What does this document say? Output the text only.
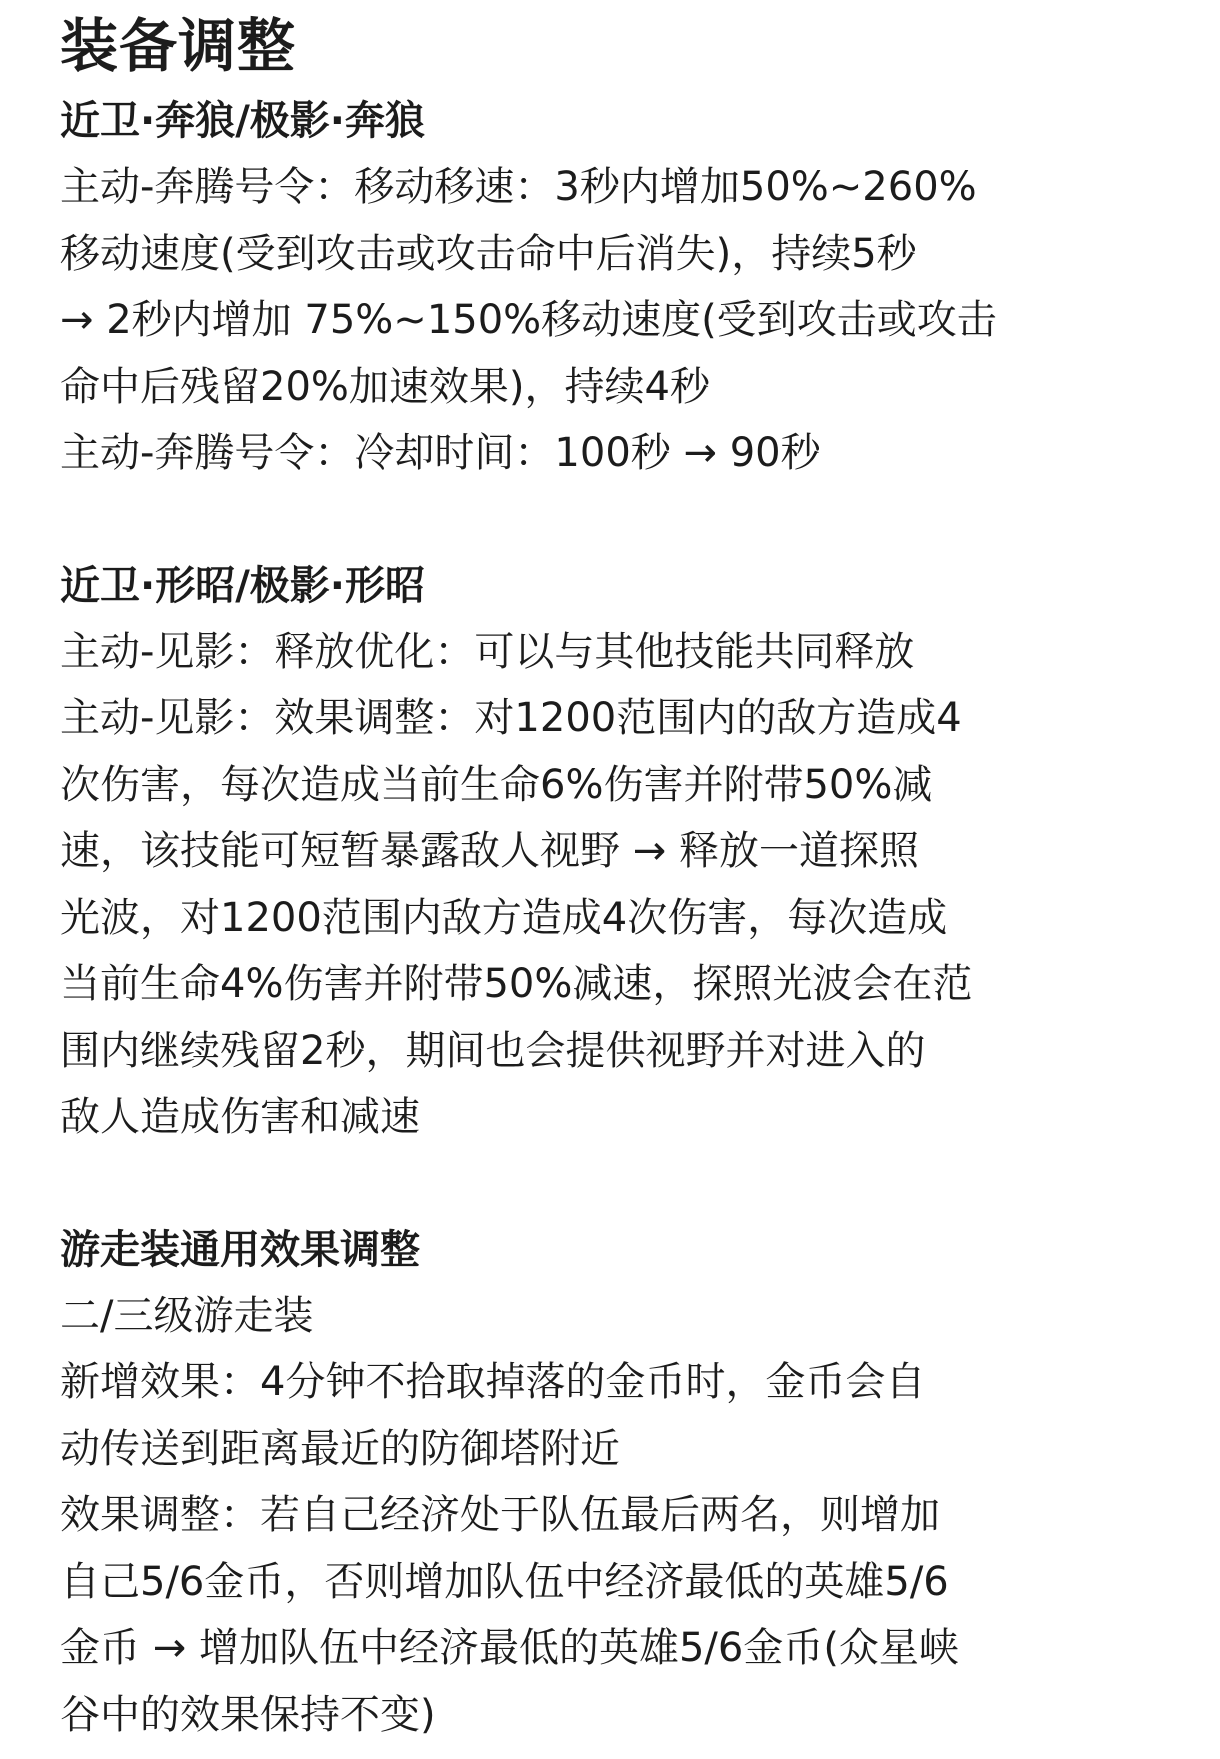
装备调整
近卫·奔狼/极影·奔狼

主动-奔腾号令：移动移速：3秒内增加50%~260%

移动速度(受到攻击或攻击命中后消失)，持续5秒

→ 2秒内增加 75%~150%移动速度(受到攻击或攻击

命中后残留20%加速效果)，持续4秒

主动-奔腾号令：冷却时间：100秒 → 90秒

近卫·形昭/极影·形昭

主动-见影：释放优化：可以与其他技能共同释放

主动-见影：效果调整：对1200范围内的敌方造成4

次伤害，每次造成当前生命6%伤害并附带50%减

速，该技能可短暂暴露敌人视野 → 释放一道探照

光波，对1200范围内敌方造成4次伤害，每次造成

当前生命4%伤害并附带50%减速，探照光波会在范

围内继续残留2秒，期间也会提供视野并对进入的

敌人造成伤害和减速

游走装通用效果调整

二/三级游走装

新增效果：4分钟不拾取掉落的金币时，金币会自

动传送到距离最近的防御塔附近

效果调整：若自己经济处于队伍最后两名，则增加

自己5/6金币，否则增加队伍中经济最低的英雄5/6

金币 → 增加队伍中经济最低的英雄5/6金币(众星峡

谷中的效果保持不变)
